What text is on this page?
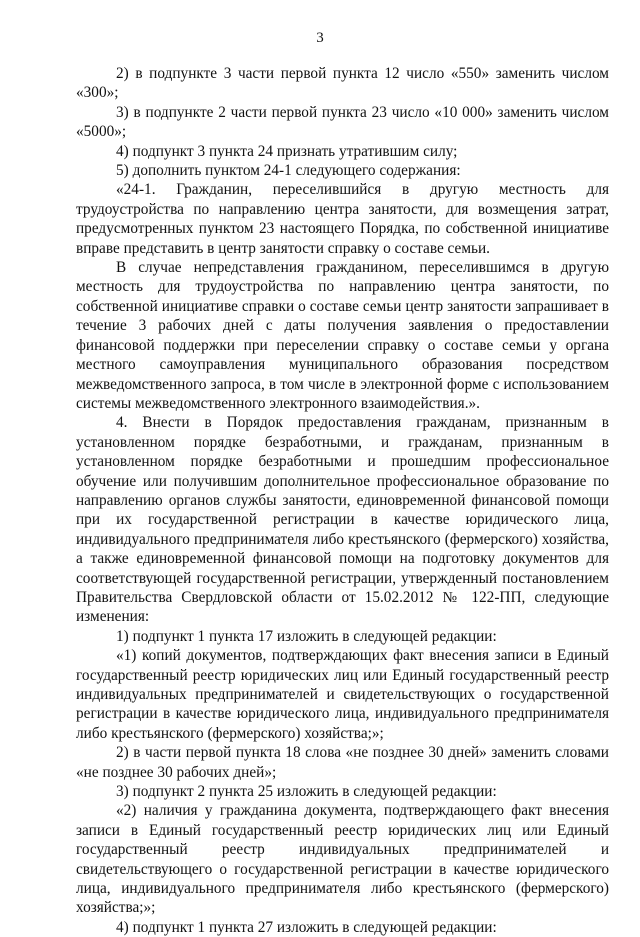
3

2) в подпункте 3 части первой пункта 12 число «550» заменить числом «300»;

3) в подпункте 2 части первой пункта 23 число «10 000» заменить числом «5000»;

4) подпункт 3 пункта 24 признать утратившим силу;

5) дополнить пунктом 24-1 следующего содержания:

«24-1. Гражданин, переселившийся в другую местность для трудоустройства по направлению центра занятости, для возмещения затрат, предусмотренных пунктом 23 настоящего Порядка, по собственной инициативе вправе представить в центр занятости справку о составе семьи.

В случае непредставления гражданином, переселившимся в другую местность для трудоустройства по направлению центра занятости, по собственной инициативе справки о составе семьи центр занятости запрашивает в течение 3 рабочих дней с даты получения заявления о предоставлении финансовой поддержки при переселении справку о составе семьи у органа местного самоуправления муниципального образования посредством межведомственного запроса, в том числе в электронной форме с использованием системы межведомственного электронного взаимодействия.».

4. Внести в Порядок предоставления гражданам, признанным в установленном порядке безработными, и гражданам, признанным в установленном порядке безработными и прошедшим профессиональное обучение или получившим дополнительное профессиональное образование по направлению органов службы занятости, единовременной финансовой помощи при их государственной регистрации в качестве юридического лица, индивидуального предпринимателя либо крестьянского (фермерского) хозяйства, а также единовременной финансовой помощи на подготовку документов для соответствующей государственной регистрации, утвержденный постановлением Правительства Свердловской области от 15.02.2012 № 122-ПП, следующие изменения:

1) подпункт 1 пункта 17 изложить в следующей редакции:

«1) копий документов, подтверждающих факт внесения записи в Единый государственный реестр юридических лиц или Единый государственный реестр индивидуальных предпринимателей и свидетельствующих о государственной регистрации в качестве юридического лица, индивидуального предпринимателя либо крестьянского (фермерского) хозяйства;»;

2) в части первой пункта 18 слова «не позднее 30 дней» заменить словами «не позднее 30 рабочих дней»;

3) подпункт 2 пункта 25 изложить в следующей редакции:

«2) наличия у гражданина документа, подтверждающего факт внесения записи в Единый государственный реестр юридических лиц или Единый государственный реестр индивидуальных предпринимателей и свидетельствующего о государственной регистрации в качестве юридического лица, индивидуального предпринимателя либо крестьянского (фермерского) хозяйства;»;

4) подпункт 1 пункта 27 изложить в следующей редакции:
